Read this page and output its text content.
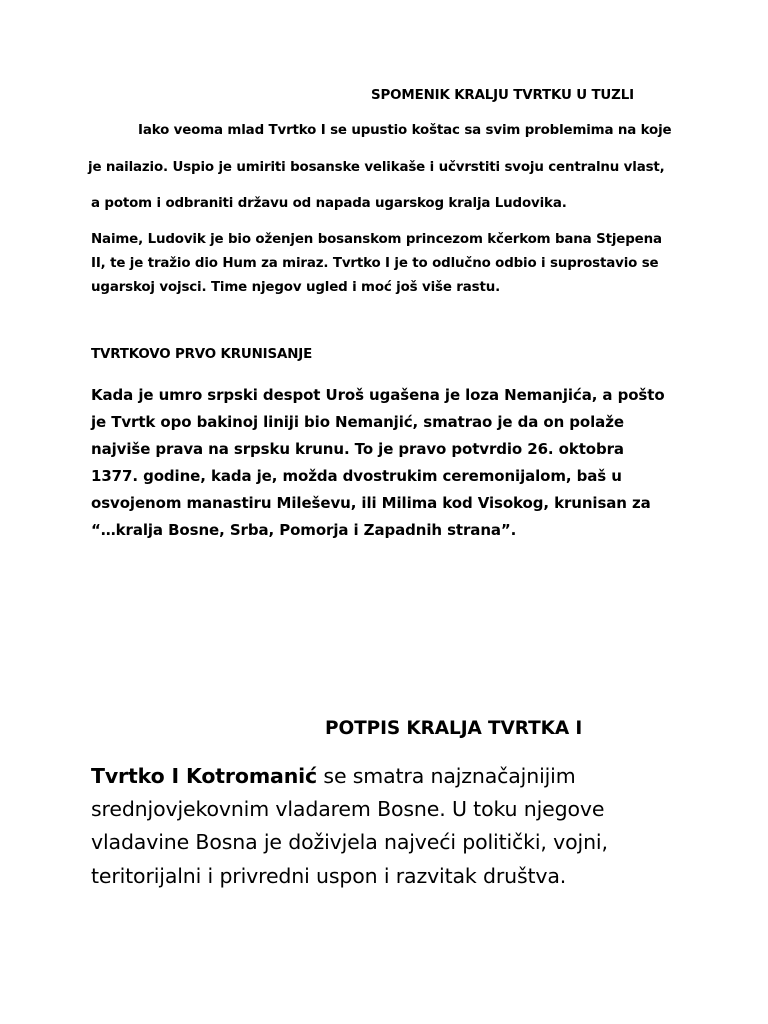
SPOMENIK KRALJU TVRTKU U TUZLI
Iako veoma mlad Tvrtko I se upustio koštac sa svim problemima na koje
je nailazio. Uspio je umiriti bosanske velikaše i učvrstiti svoju centralnu vlast,
a potom i odbraniti državu od napada ugarskog kralja Ludovika.
Naime, Ludovik je bio oženjen bosanskom princezom kčerkom bana Stjepena
II, te je tražio dio Hum za miraz. Tvrtko I je to odlučno odbio i suprostavio se
ugarskoj vojsci. Time njegov ugled i moć još više rastu.
TVRTKOVO PRVO KRUNISANJE
Kada je umro srpski despot Uroš ugašena je loza Nemanjića, a pošto
je Tvrtk opo bakinoj liniji bio Nemanjić, smatrao je da on polaže
najviše prava na srpsku krunu. To je pravo potvrdio 26. oktobra
1377. godine, kada je, možda dvostrukim ceremonijalom, baš u
osvojenom manastiru Mileševu, ili Milima kod Visokog, krunisan za
“…kralja Bosne, Srba, Pomorja i Zapadnih strana”.
POTPIS KRALJA TVRTKA I
Tvrtko I Kotromanić se smatra najznačajnijim
srednjovjekovnim vladarem Bosne. U toku njegove
vladavine Bosna je doživjela najveći politički, vojni,
teritorijalni i privredni uspon i razvitak društva.
